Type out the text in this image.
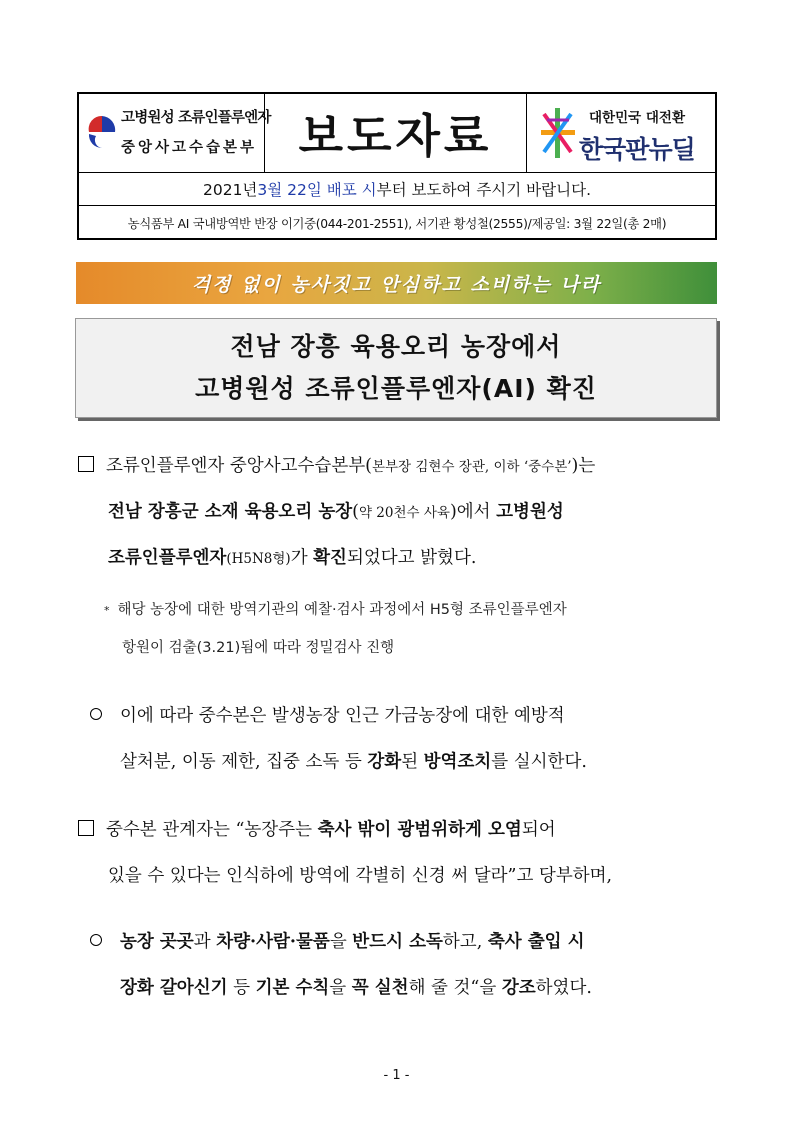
고병원성 조류인플루엔자
중앙사고수습본부 보도자료	대한민국 대전환
한국판뉴딜
2021년 3월 22일 배포 시 부터 보도하여 주시기 바랍니다.
농식품부 AI 국내방역반 반장 이기중(044-201-2551), 서기관 황성철(2555)/제공일: 3월 22일(총 2매)
걱정 없이 농사짓고 안심하고 소비하는 나라
전남 장흥 육용오리 농장에서
고병원성 조류인플루엔자(AI) 확진
조류인플루엔자 중앙사고수습본부(본부장 김현수 장관, 이하 ‘중수본’)는
전남 장흥군 소재 육용오리 농장(약 20천수 사육)에서 고병원성
조류인플루엔자(H5N8형)가 확진되었다고 밝혔다.
* 해당 농장에 대한 방역기관의 예찰·검사 과정에서 H5형 조류인플루엔자
항원이 검출(3.21)됨에 따라 정밀검사 진행
이에 따라 중수본은 발생농장 인근 가금농장에 대한 예방적
살처분, 이동 제한, 집중 소독 등 강화된 방역조치를 실시한다.
중수본 관계자는 “농장주는 축사 밖이 광범위하게 오염되어
있을 수 있다는 인식하에 방역에 각별히 신경 써 달라”고 당부하며,
농장 곳곳과 차량·사람·물품을 반드시 소독하고, 축사 출입 시
장화 갈아신기 등 기본 수칙을 꼭 실천해 줄 것“을 강조하였다.
- 1 -
